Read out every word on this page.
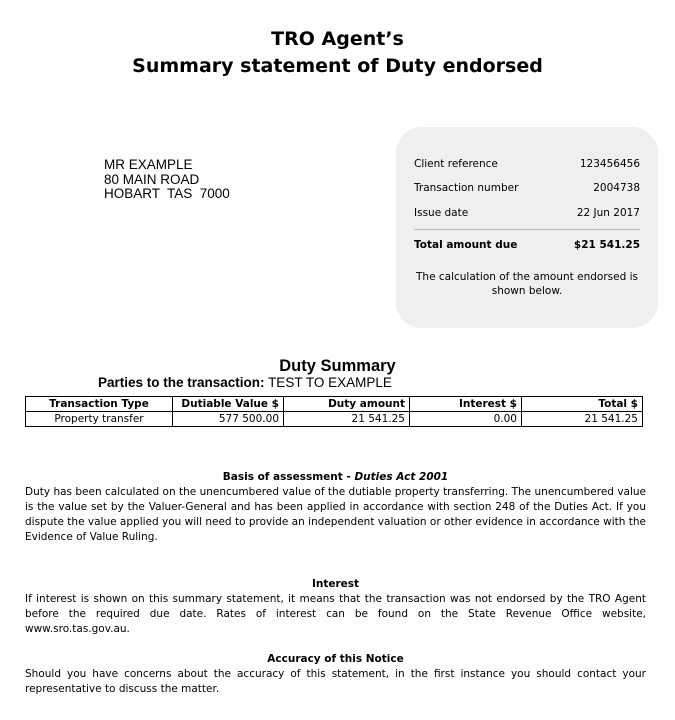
TRO Agent’s
Summary statement of Duty endorsed
MR EXAMPLE
80 MAIN ROAD
HOBART  TAS  7000
Client reference	123456456
Transaction number	2004738
Issue date	22 Jun 2017
Total amount due	$21 541.25
The calculation of the amount endorsed is shown below.
Duty Summary
Parties to the transaction: TEST TO EXAMPLE
Transaction Type	Dutiable Value $	Duty amount	Interest $	Total $
Property transfer	577 500.00	21 541.25	0.00	21 541.25
Basis of assessment - Duties Act 2001
Duty has been calculated on the unencumbered value of the dutiable property transferring. The unencumbered value is the value set by the Valuer-General and has been applied in accordance with section 248 of the Duties Act. If you dispute the value applied you will need to provide an independent valuation or other evidence in accordance with the Evidence of Value Ruling.
Interest
If interest is shown on this summary statement, it means that the transaction was not endorsed by the TRO Agent before the required due date. Rates of interest can be found on the State Revenue Office website, www.sro.tas.gov.au.
Accuracy of this Notice
Should you have concerns about the accuracy of this statement, in the first instance you should contact your representative to discuss the matter.
